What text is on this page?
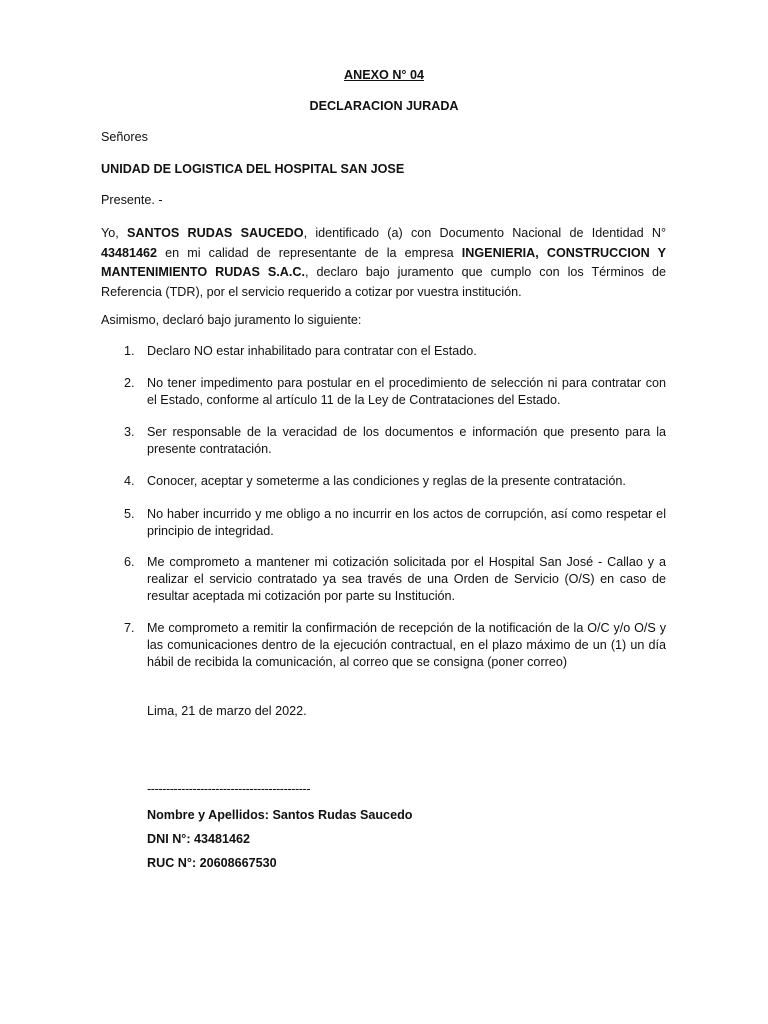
ANEXO N° 04

DECLARACION JURADA

Señores

UNIDAD DE LOGISTICA DEL HOSPITAL SAN JOSE

Presente. -

Yo, SANTOS RUDAS SAUCEDO, identificado (a) con Documento Nacional de Identidad N° 43481462 en mi calidad de representante de la empresa INGENIERIA, CONSTRUCCION Y MANTENIMIENTO RUDAS S.A.C., declaro bajo juramento que cumplo con los Términos de Referencia (TDR), por el servicio requerido a cotizar por vuestra institución.

Asimismo, declaró bajo juramento lo siguiente:

1. Declaro NO estar inhabilitado para contratar con el Estado.
2. No tener impedimento para postular en el procedimiento de selección ni para contratar con el Estado, conforme al artículo 11 de la Ley de Contrataciones del Estado.
3. Ser responsable de la veracidad de los documentos e información que presento para la presente contratación.
4. Conocer, aceptar y someterme a las condiciones y reglas de la presente contratación.
5. No haber incurrido y me obligo a no incurrir en los actos de corrupción, así como respetar el principio de integridad.
6. Me comprometo a mantener mi cotización solicitada por el Hospital San José - Callao y a realizar el servicio contratado ya sea través de una Orden de Servicio (O/S) en caso de resultar aceptada mi cotización por parte su Institución.
7. Me comprometo a remitir la confirmación de recepción de la notificación de la O/C y/o O/S y las comunicaciones dentro de la ejecución contractual, en el plazo máximo de un (1) un día hábil de recibida la comunicación, al correo que se consigna (poner correo)

Lima, 21 de marzo del 2022.

-------------------------------------------

Nombre y Apellidos: Santos Rudas Saucedo

DNI N°: 43481462

RUC N°: 20608667530
